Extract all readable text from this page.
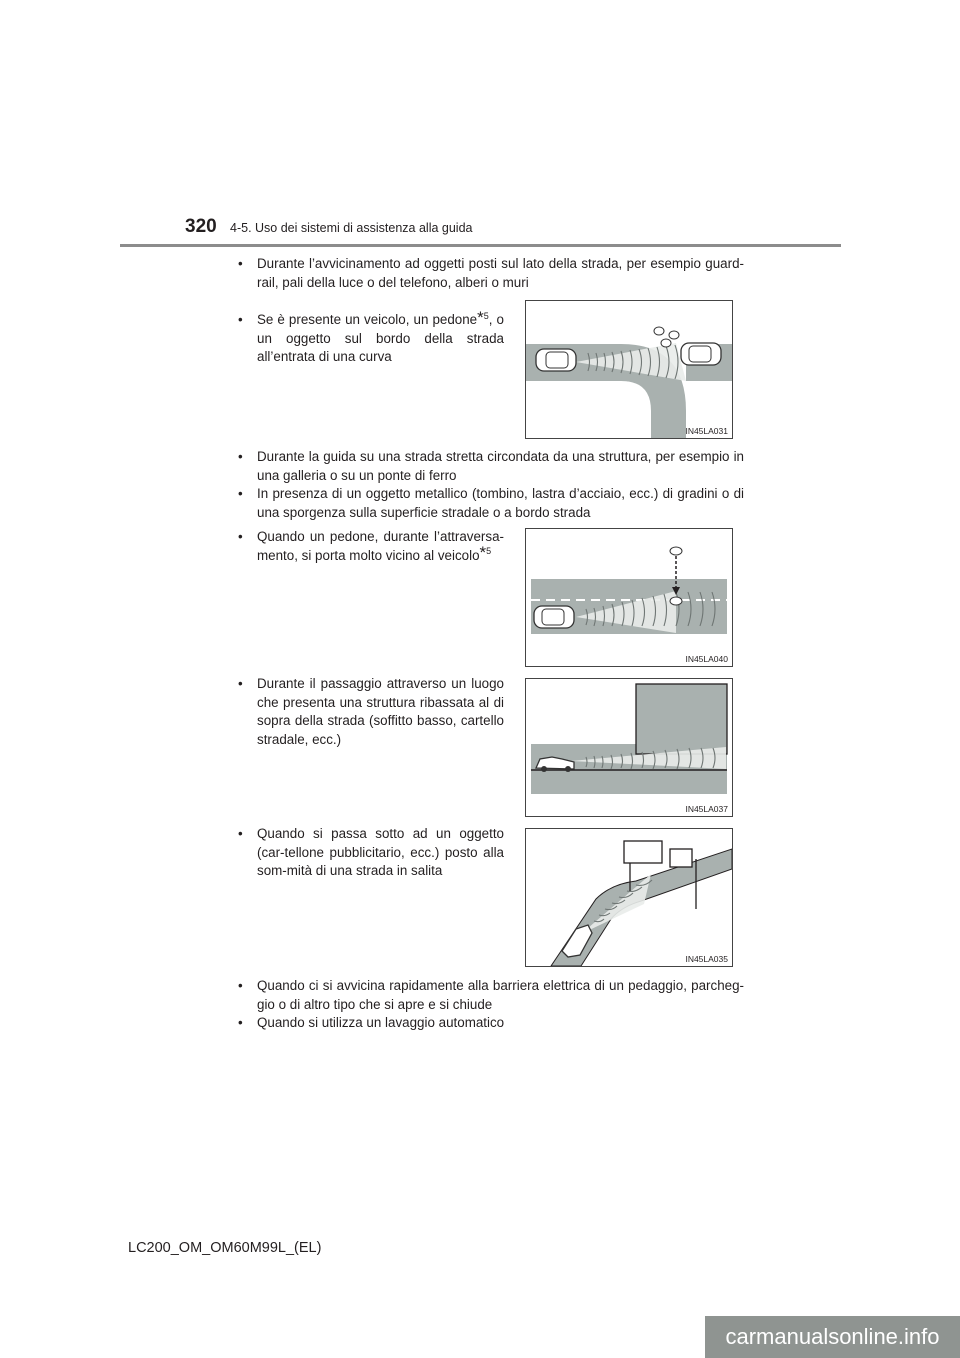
320 4-5. Uso dei sistemi di assistenza alla guida
•	Durante l’avvicinamento ad oggetti posti sul lato della strada, per esempio guard-rail, pali della luce o del telefono, alberi o muri
•	Se è presente un veicolo, un pedone$^{*5}$, o un oggetto sul bordo della strada all’entrata di una curva
IN45LA031
•	Durante la guida su una strada stretta circondata da una struttura, per esempio in una galleria o su un ponte di ferro
•	In presenza di un oggetto metallico (tombino, lastra d’acciaio, ecc.) di gradini o di una sporgenza sulla superficie stradale o a bordo strada
•	Quando un pedone, durante l’attraversa-mento, si porta molto vicino al veicolo$^{*5}$
IN45LA040
•	Durante il passaggio attraverso un luogo che presenta una struttura ribassata al di sopra della strada (soffitto basso, cartello stradale, ecc.)
IN45LA037
•	Quando si passa sotto ad un oggetto (car-tellone pubblicitario, ecc.) posto alla som-mità di una strada in salita
IN45LA035
•	Quando ci si avvicina rapidamente alla barriera elettrica di un pedaggio, parcheg-gio o di altro tipo che si apre e si chiude
•	Quando si utilizza un lavaggio automatico
LC200_OM_OM60M99L_(EL)
carmanualsonline.info
